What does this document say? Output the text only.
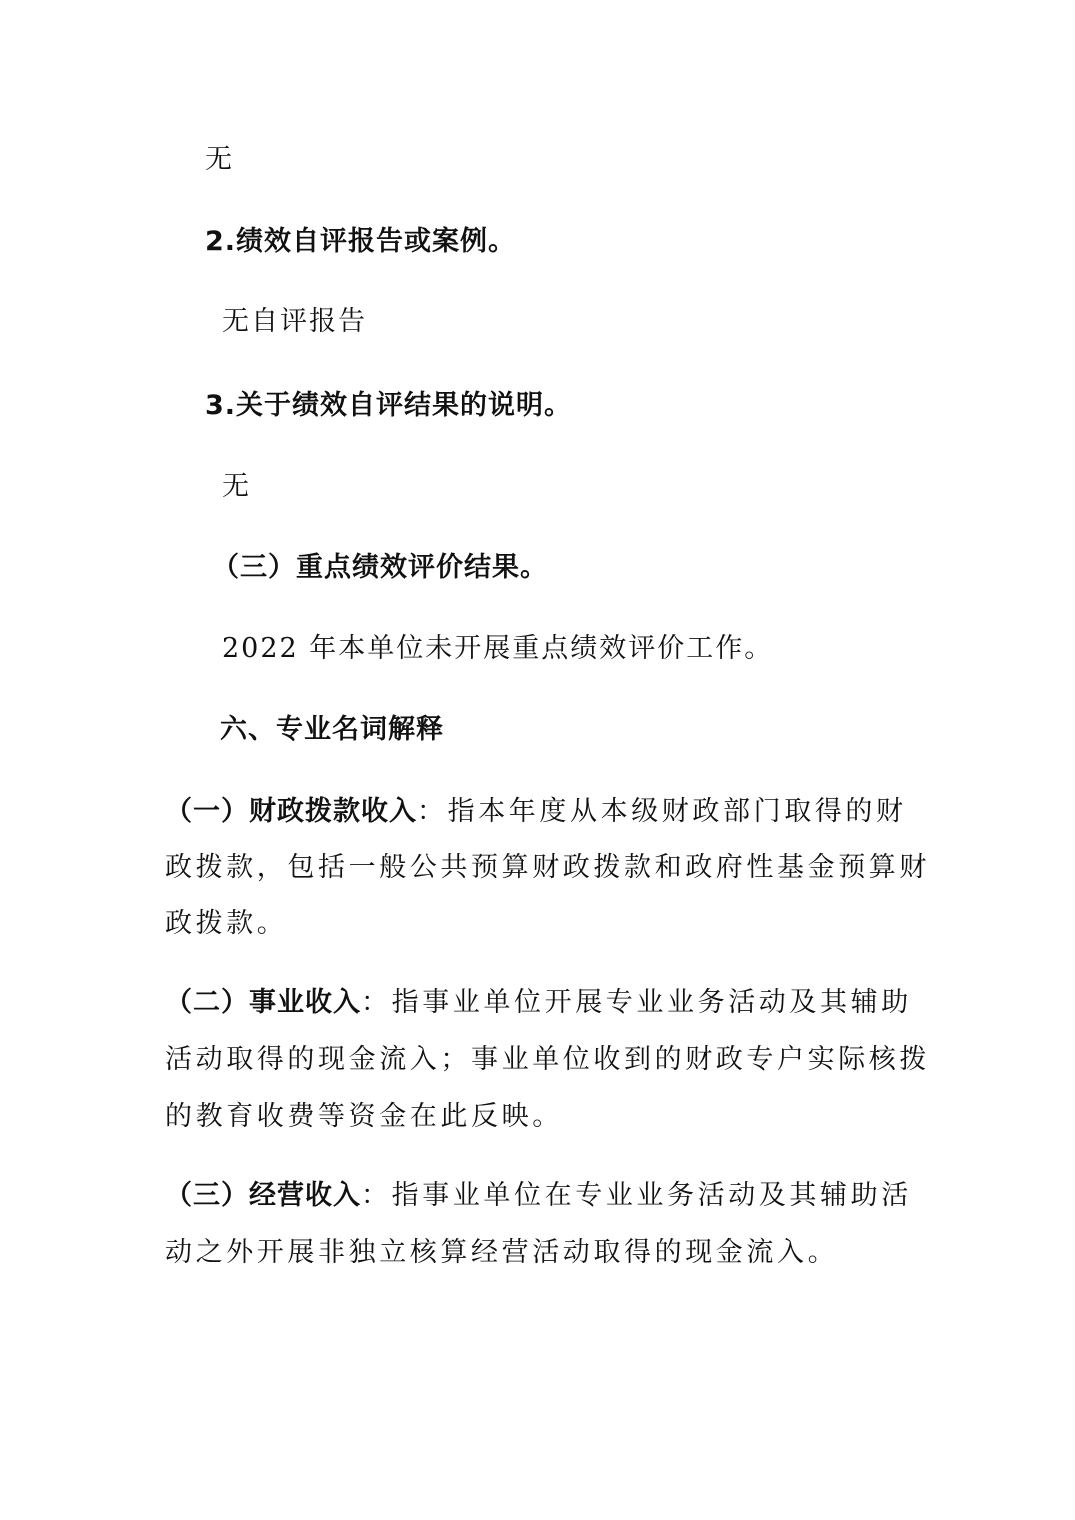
无
2.绩效自评报告或案例。
无自评报告
3.关于绩效自评结果的说明。
无
（三）重点绩效评价结果。
2022 年本单位未开展重点绩效评价工作。
六、专业名词解释
（一）财政拨款收入：指本年度从本级财政部门取得的财
政拨款，包括一般公共预算财政拨款和政府性基金预算财
政拨款。
（二）事业收入：指事业单位开展专业业务活动及其辅助
活动取得的现金流入；事业单位收到的财政专户实际核拨
的教育收费等资金在此反映。
（三）经营收入：指事业单位在专业业务活动及其辅助活
动之外开展非独立核算经营活动取得的现金流入。
